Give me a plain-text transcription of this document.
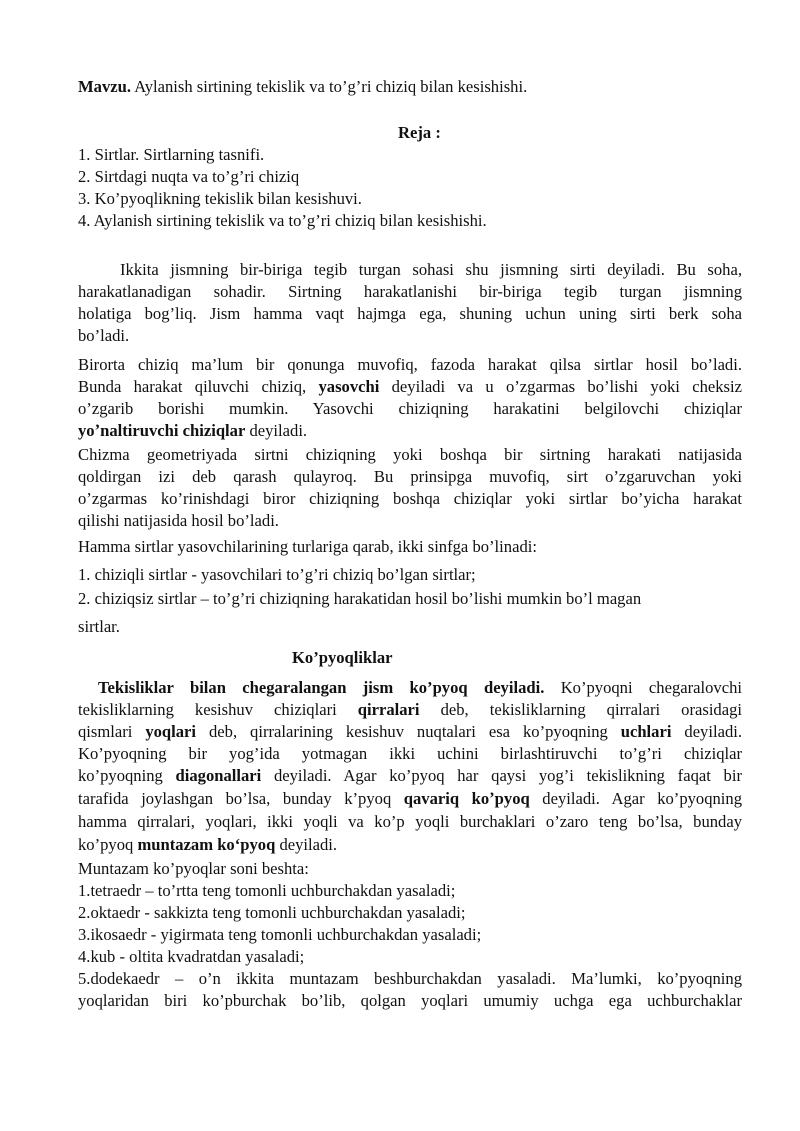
Mavzu. Aylanish sirtining tekislik va to’g’ri chiziq bilan kesishishi.
Reja :
1. Sirtlar. Sirtlarning tasnifi.
2. Sirtdagi nuqta va to’g’ri chiziq
3. Ko’pyoqlikning tekislik bilan kesishuvi.
4. Aylanish sirtining tekislik va to’g’ri chiziq bilan kesishishi.
Ikkita jismning bir-biriga tegib turgan sohasi shu jismning sirti deyiladi. Bu soha,
harakatlanadigan sohadir. Sirtning harakatlanishi bir-biriga tegib turgan jismning
holatiga bog’liq. Jism hamma vaqt hajmga ega, shuning uchun uning sirti berk soha
bo’ladi.
Birorta chiziq ma’lum bir qonunga muvofiq, fazoda harakat qilsa sirtlar hosil bo’ladi.
Bunda harakat qiluvchi chiziq, yasovchi deyiladi va u o’zgarmas bo’lishi yoki cheksiz
o’zgarib borishi mumkin. Yasovchi chiziqning harakatini belgilovchi chiziqlar
yoʼnaltiruvchi chiziqlar deyiladi.
Chizma geometriyada sirtni chiziqning yoki boshqa bir sirtning harakati natijasida
qoldirgan izi deb qarash qulayroq. Bu prinsipga muvofiq, sirt o’zgaruvchan yoki
o’zgarmas ko’rinishdagi biror chiziqning boshqa chiziqlar yoki sirtlar bo’yicha harakat
qilishi natijasida hosil bo’ladi.
Hamma sirtlar yasovchilarining turlariga qarab, ikki sinfga bo’linadi:
1. chiziqli sirtlar - yasovchilari to’g’ri chiziq bo’lgan sirtlar;
2. chiziqsiz sirtlar – to’g’ri chiziqning harakatidan hosil bo’lishi mumkin bo’l magan
sirtlar.
Ko’pyoqliklar
Tekisliklar bilan chegaralangan jism ko’pyoq deyiladi. Ko’pyoqni chegaralovchi
tekisliklarning kesishuv chiziqlari qirralari deb, tekisliklarning qirralari orasidagi
qismlari yoqlari deb, qirralarining kesishuv nuqtalari esa ko’pyoqning uchlari deyiladi.
Ko’pyoqning bir yog’ida yotmagan ikki uchini birlashtiruvchi to’g’ri chiziqlar
ko’pyoqning diagonallari deyiladi. Agar ko’pyoq har qaysi yog’i tekislikning faqat bir
tarafida joylashgan bo’lsa, bunday k’pyoq qavariq koʼpyoq deyiladi. Agar ko’pyoqning
hamma qirralari, yoqlari, ikki yoqli va ko’p yoqli burchaklari o’zaro teng bo’lsa, bunday
ko’pyoq muntazam koʻpyoq deyiladi.
Muntazam ko’pyoqlar soni beshta:
1.tetraedr – to’rtta teng tomonli uchburchakdan yasaladi;
2.oktaedr - sakkizta teng tomonli uchburchakdan yasaladi;
3.ikosaedr - yigirmata teng tomonli uchburchakdan yasaladi;
4.kub - oltita kvadratdan yasaladi;
5.dodekaedr – o’n ikkita muntazam beshburchakdan yasaladi. Ma’lumki, ko’pyoqning
yoqlaridan biri ko’pburchak bo’lib, qolgan yoqlari umumiy uchga ega uchburchaklar
